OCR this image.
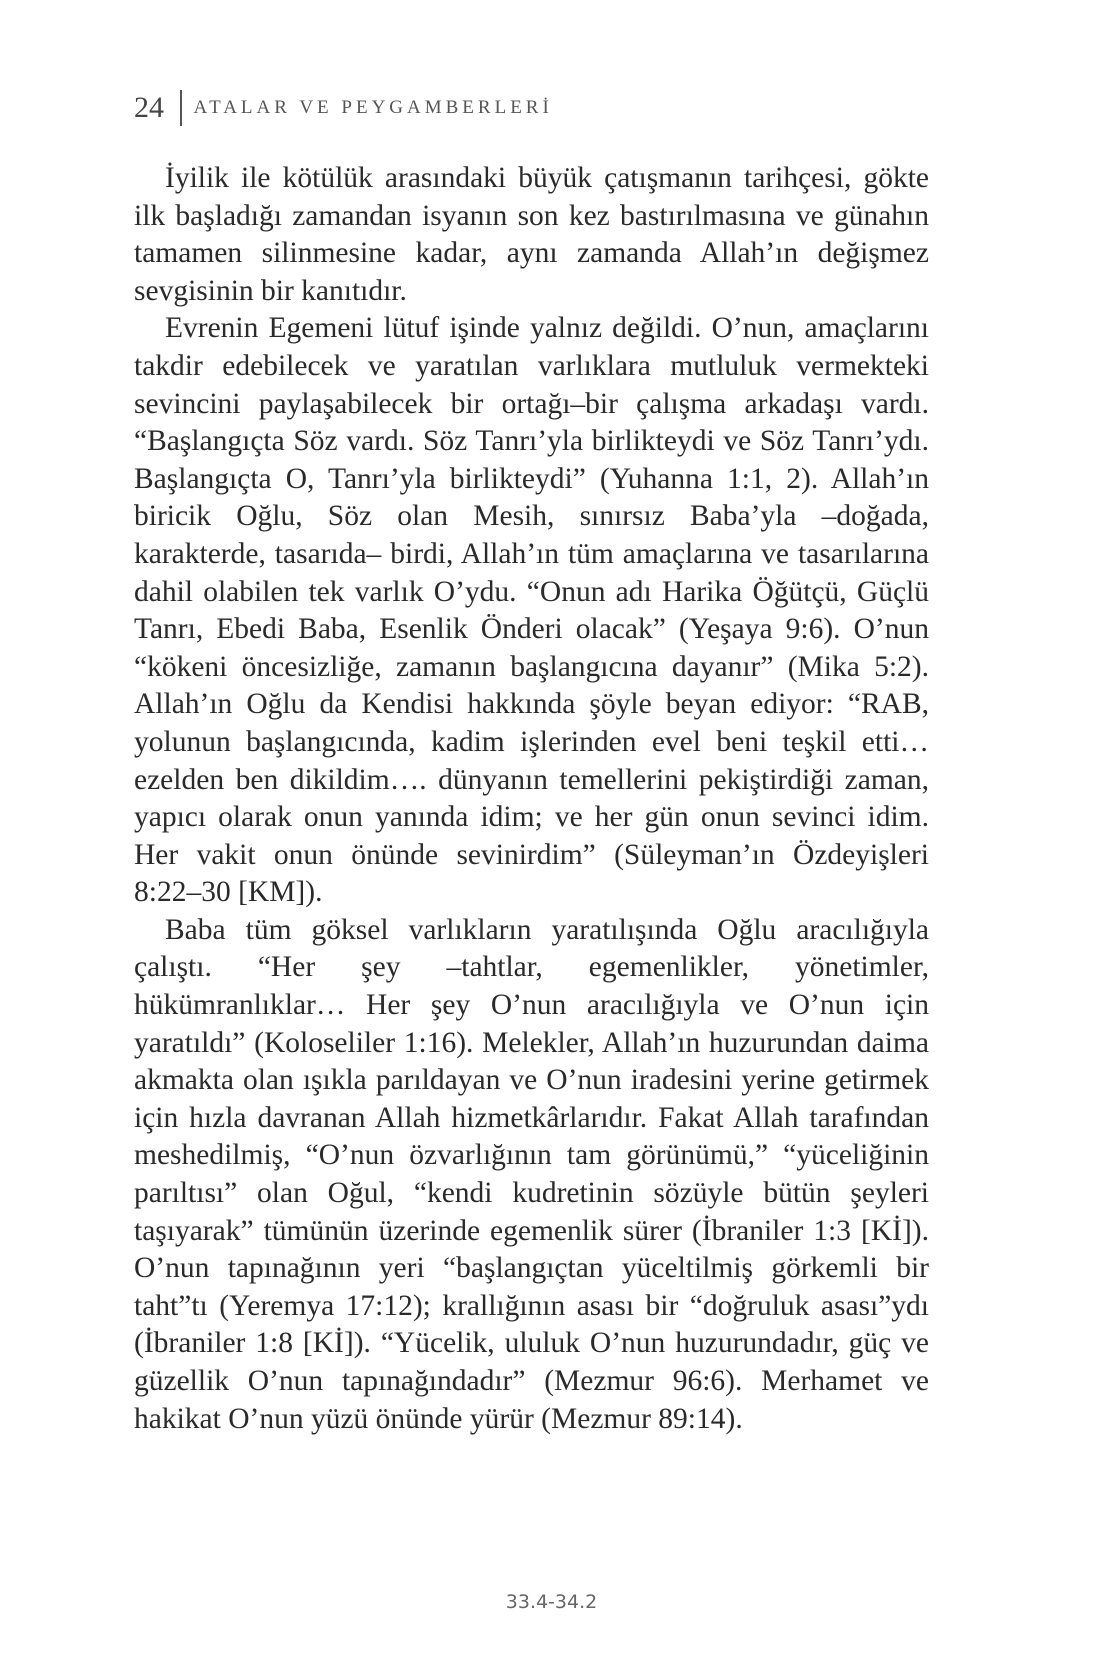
24 ATALAR VE PEYGAMBERLERİ

İyilik ile kötülük arasındaki büyük çatışmanın tarihçesi, gökte ilk başladığı zamandan isyanın son kez bastırılmasına ve günahın tamamen silinmesine kadar, aynı zamanda Allah’ın değişmez sevgisinin bir kanıtıdır.

Evrenin Egemeni lütuf işinde yalnız değildi. O’nun, amaçlarını takdir edebilecek ve yaratılan varlıklara mutluluk vermekteki sevincini paylaşabilecek bir ortağı–bir çalışma arkadaşı vardı. “Başlangıçta Söz vardı. Söz Tanrı’yla birlikteydi ve Söz Tanrı’ydı. Başlangıçta O, Tanrı’yla birlikteydi” (Yuhanna 1:1, 2). Allah’ın biricik Oğlu, Söz olan Mesih, sınırsız Baba’yla –doğada, karakterde, tasarıda– birdi, Allah’ın tüm amaçlarına ve tasarılarına dahil olabilen tek varlık O’ydu. “Onun adı Harika Öğütçü, Güçlü Tanrı, Ebedi Baba, Esenlik Önderi olacak” (Yeşaya 9:6). O’nun “kökeni öncesizliğe, zamanın başlangıcına dayanır” (Mika 5:2). Allah’ın Oğlu da Kendisi hakkında şöyle beyan ediyor: “RAB, yolunun başlangıcında, kadim işlerinden evel beni teşkil etti… ezelden ben dikildim…. dünyanın temellerini pekiştirdiği zaman, yapıcı olarak onun yanında idim; ve her gün onun sevinci idim. Her vakit onun önünde sevinirdim” (Süleyman’ın Özdeyişleri 8:22–30 [KM]).

Baba tüm göksel varlıkların yaratılışında Oğlu aracılığıyla çalıştı. “Her şey –tahtlar, egemenlikler, yönetimler, hükümranlıklar… Her şey O’nun aracılığıyla ve O’nun için yaratıldı” (Koloseliler 1:16). Melekler, Allah’ın huzurundan daima akmakta olan ışıkla parıldayan ve O’nun iradesini yerine getirmek için hızla davranan Allah hizmetkârlarıdır. Fakat Allah tarafından meshedilmiş, “O’nun özvarlığının tam görünümü,” “yüceliğinin parıltısı” olan Oğul, “kendi kudretinin sözüyle bütün şeyleri taşıyarak” tümünün üzerinde egemenlik sürer (İbraniler 1:3 [Kİ]). O’nun tapınağının yeri “başlangıçtan yüceltilmiş görkemli bir taht”tı (Yeremya 17:12); krallığının asası bir “doğruluk asası”ydı (İbraniler 1:8 [Kİ]). “Yücelik, ululuk O’nun huzurundadır, güç ve güzellik O’nun tapınağındadır” (Mezmur 96:6). Merhamet ve hakikat O’nun yüzü önünde yürür (Mezmur 89:14).

33.4-34.2
